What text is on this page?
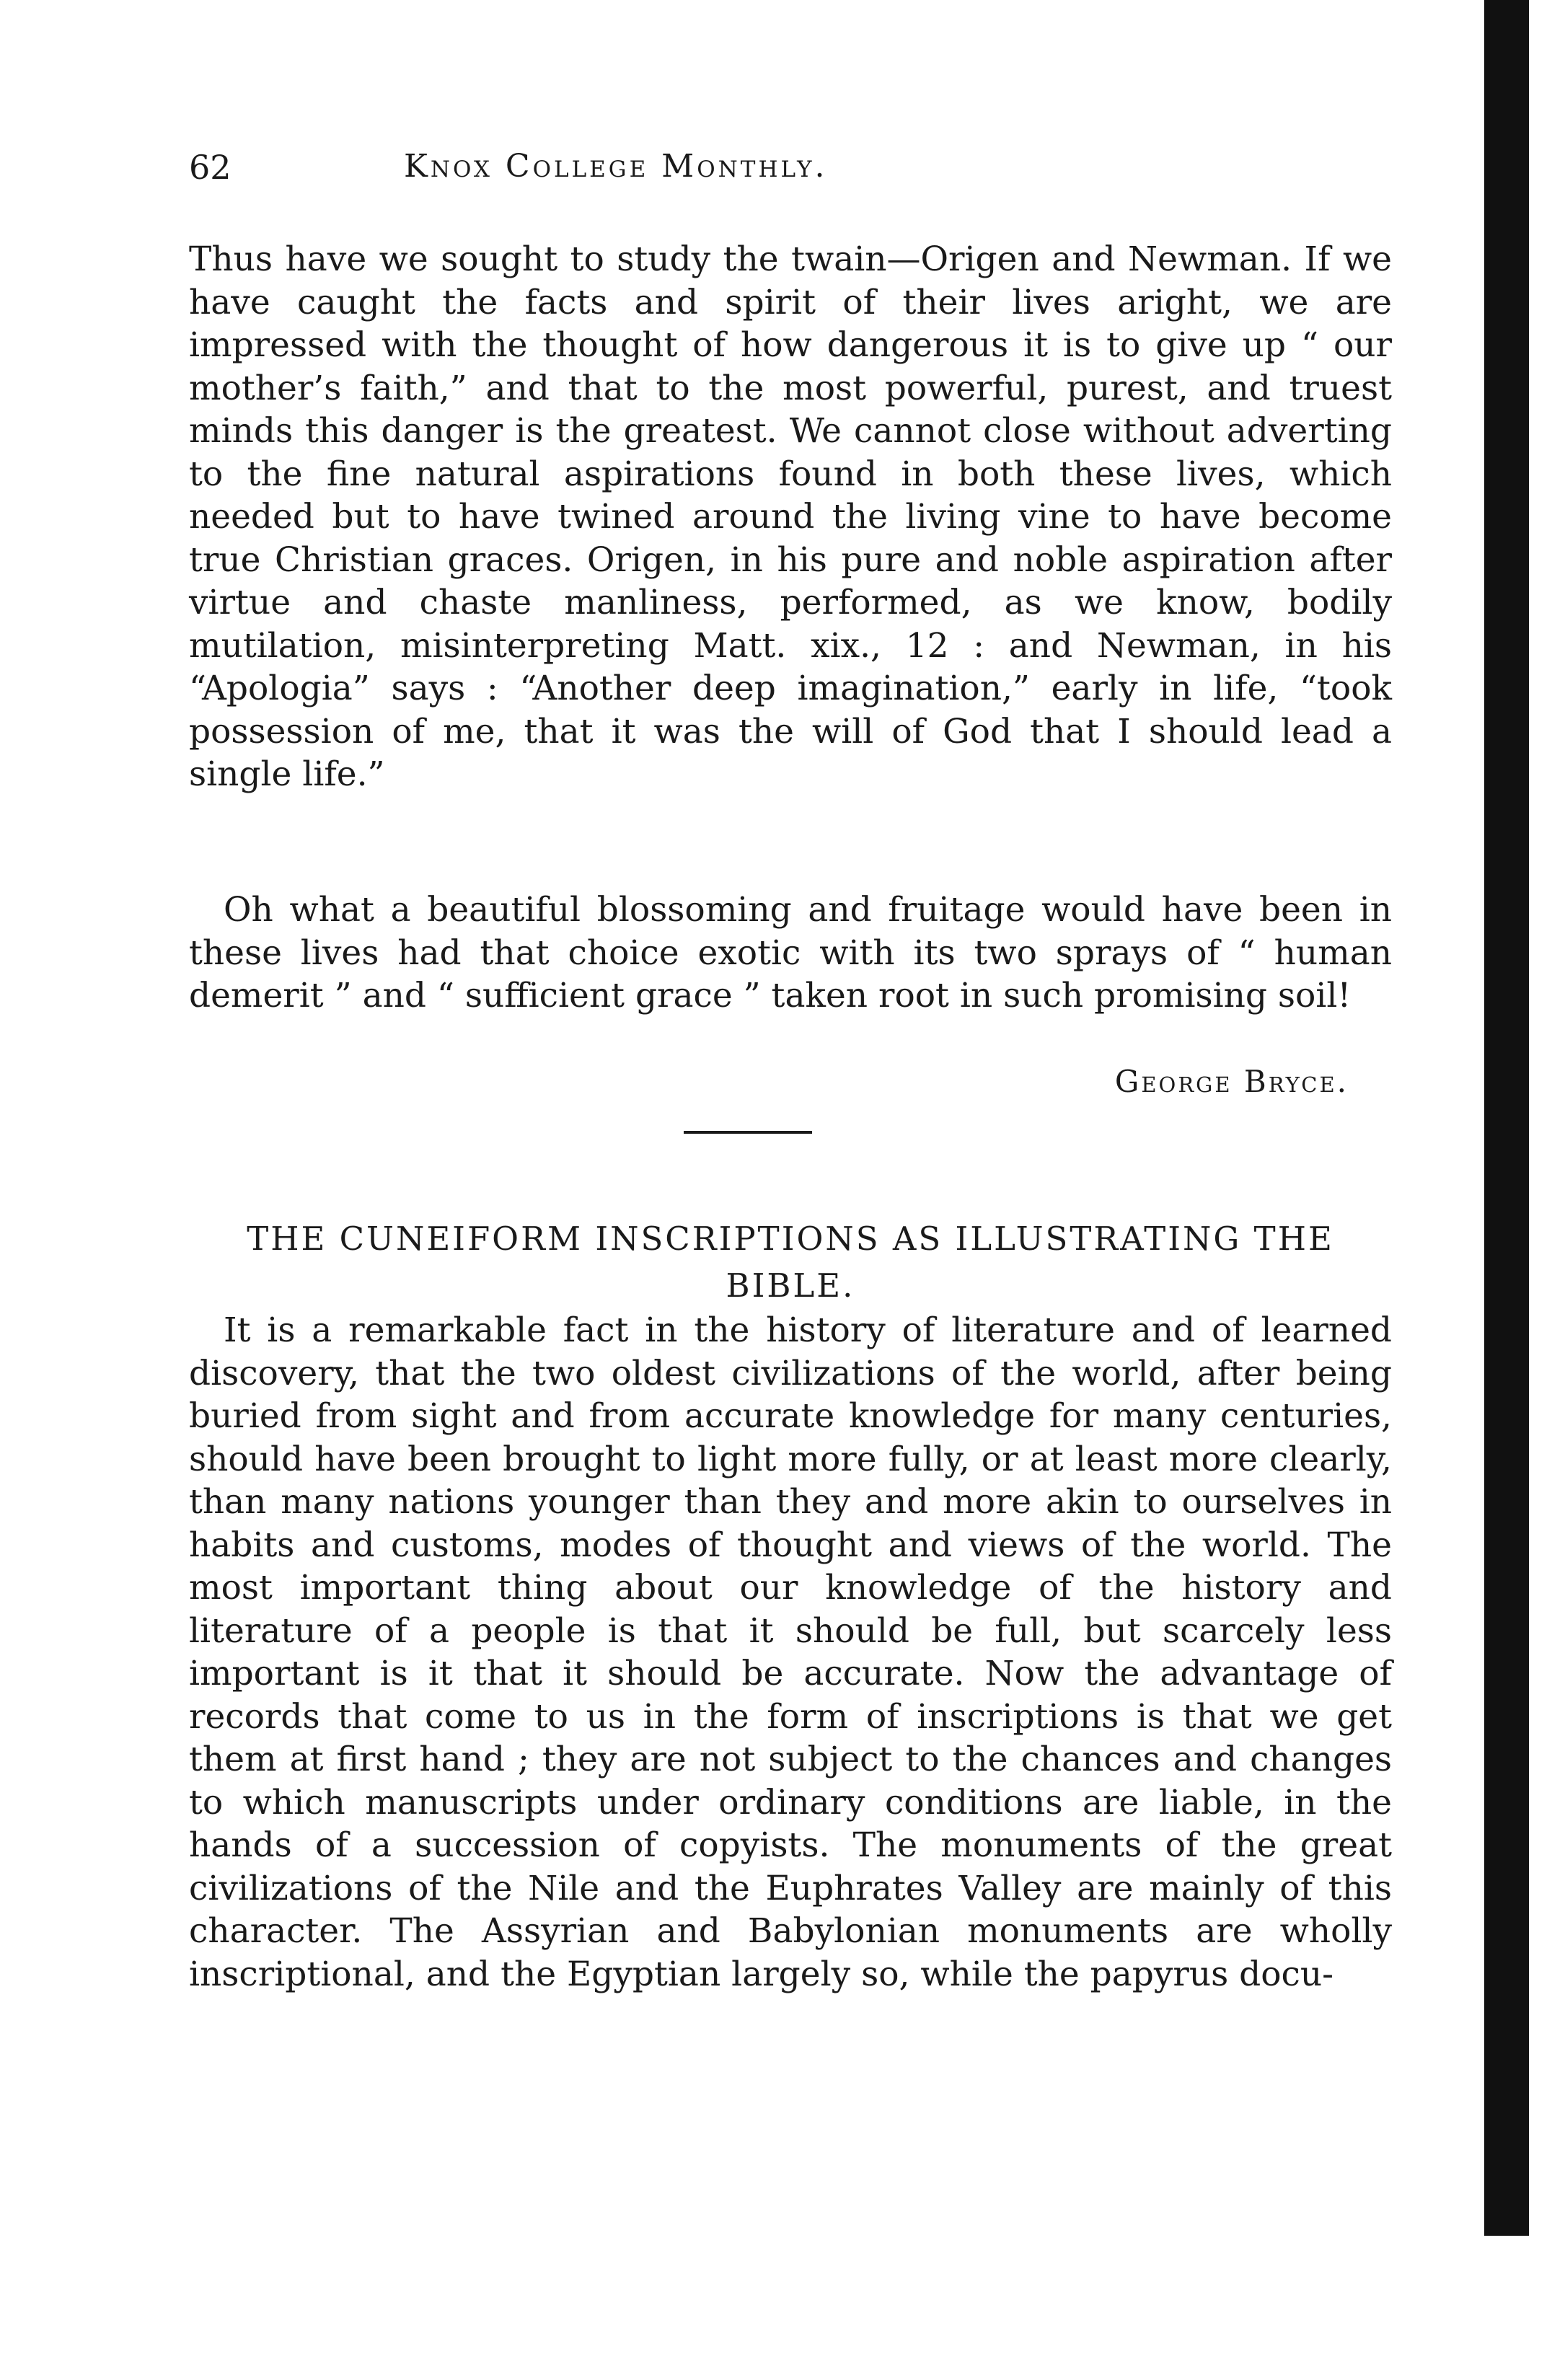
62	Knox College Monthly.

Thus have we sought to study the twain—Origen and Newman. If we have caught the facts and spirit of their lives aright, we are impressed with the thought of how dangerous it is to give up “ our mother’s faith,” and that to the most powerful, purest, and truest minds this danger is the greatest. We cannot close without adverting to the fine natural aspirations found in both these lives, which needed but to have twined around the living vine to have become true Christian graces. Origen, in his pure and noble aspiration after virtue and chaste manliness, performed, as we know, bodily mutilation, misinterpreting Matt. xix., 12 : and Newman, in his “Apologia” says : “Another deep imagination,” early in life, “took possession of me, that it was the will of God that I should lead a single life.”

Oh what a beautiful blossoming and fruitage would have been in these lives had that choice exotic with its two sprays of “ human demerit ” and “ sufficient grace ” taken root in such promising soil!

George Bryce.
THE CUNEIFORM INSCRIPTIONS AS ILLUSTRATING THE BIBLE.

It is a remarkable fact in the history of literature and of learned discovery, that the two oldest civilizations of the world, after being buried from sight and from accurate knowledge for many centuries, should have been brought to light more fully, or at least more clearly, than many nations younger than they and more akin to ourselves in habits and customs, modes of thought and views of the world. The most important thing about our knowledge of the history and literature of a people is that it should be full, but scarcely less important is it that it should be accurate. Now the advantage of records that come to us in the form of inscriptions is that we get them at first hand ; they are not subject to the chances and changes to which manuscripts under ordinary conditions are liable, in the hands of a succession of copyists. The monuments of the great civilizations of the Nile and the Euphrates Valley are mainly of this character. The Assyrian and Babylonian monuments are wholly inscriptional, and the Egyptian largely so, while the papyrus docu-
